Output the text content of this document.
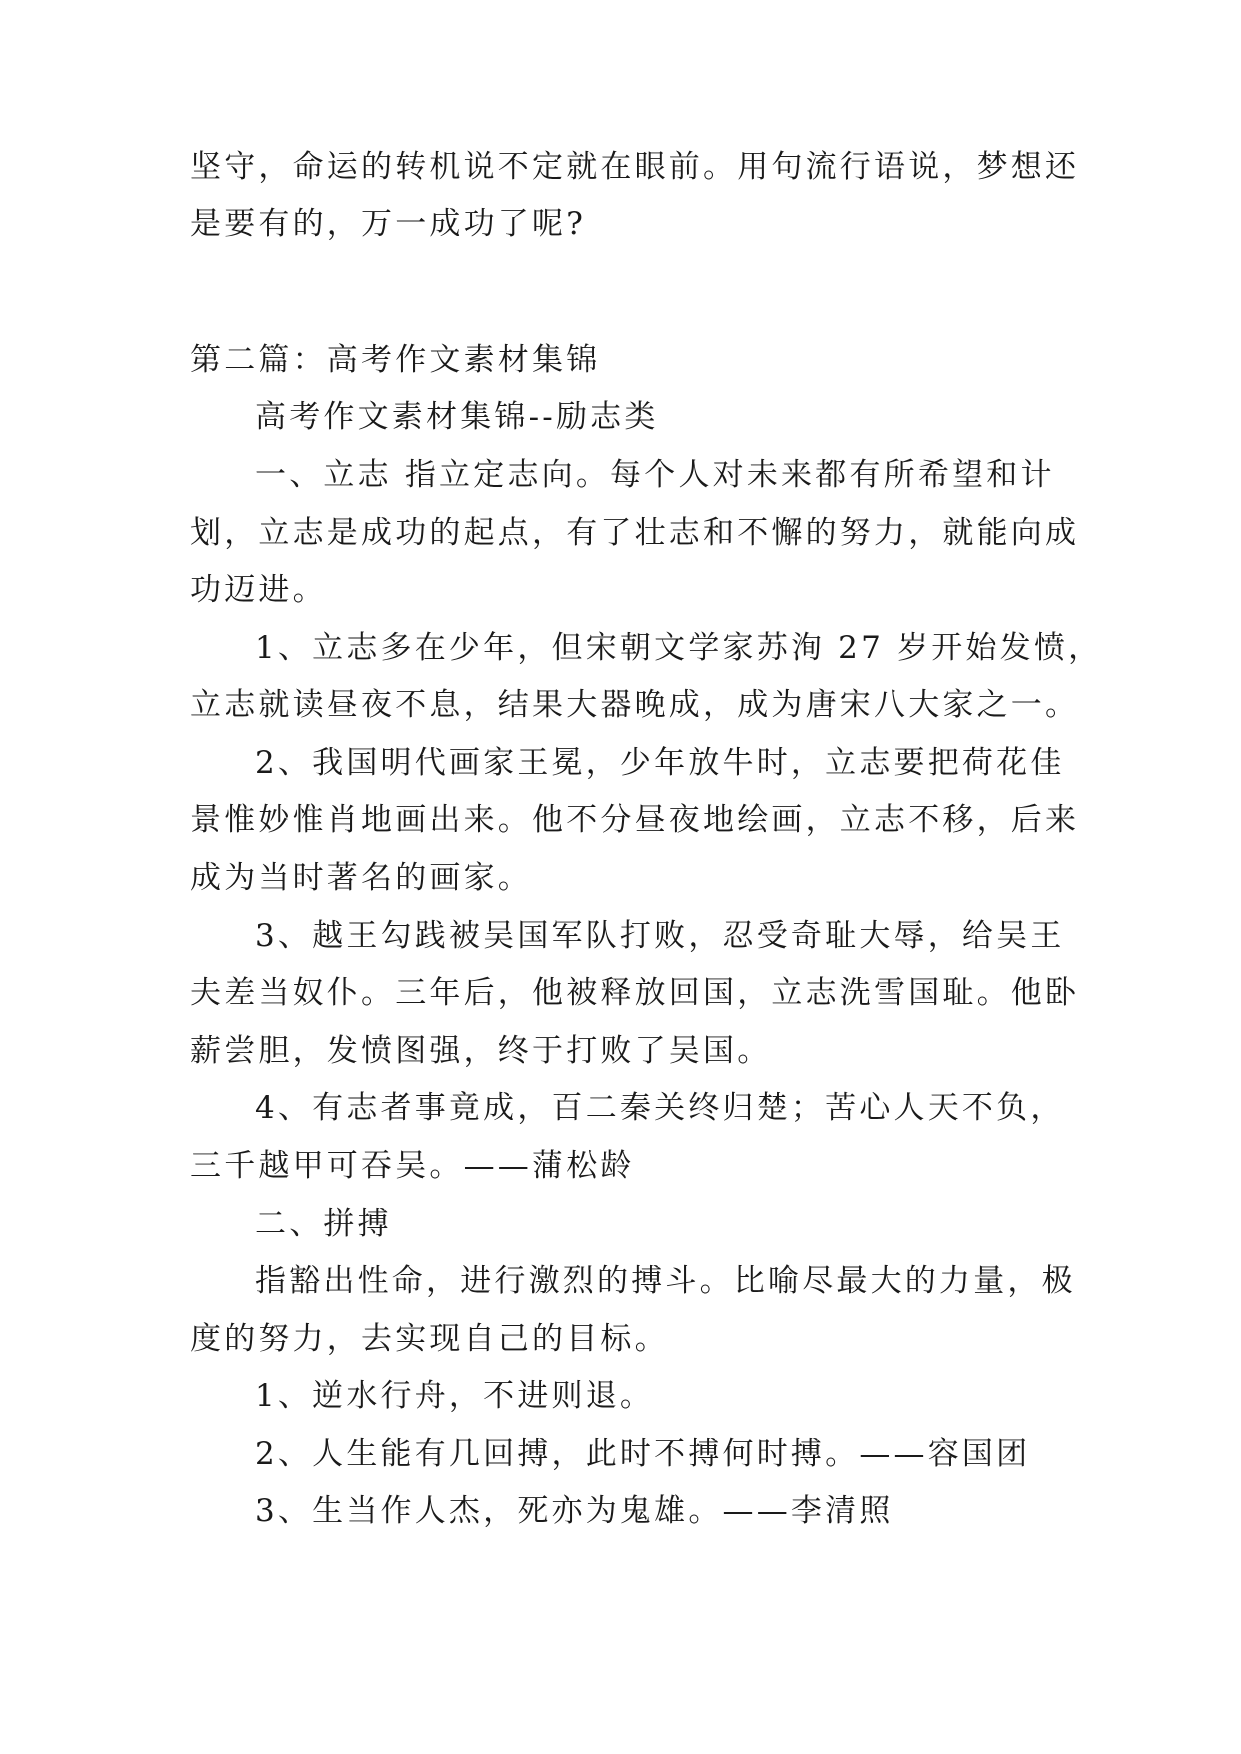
坚守，命运的转机说不定就在眼前。用句流行语说，梦想还
是要有的，万一成功了呢?
第二篇：高考作文素材集锦
高考作文素材集锦--励志类
一、立志 指立定志向。每个人对未来都有所希望和计
划，立志是成功的起点，有了壮志和不懈的努力，就能向成
功迈进。
1、立志多在少年，但宋朝文学家苏洵 27 岁开始发愤，
立志就读昼夜不息，结果大器晚成，成为唐宋八大家之一。
2、我国明代画家王冕，少年放牛时，立志要把荷花佳
景惟妙惟肖地画出来。他不分昼夜地绘画，立志不移，后来
成为当时著名的画家。
3、越王勾践被吴国军队打败，忍受奇耻大辱，给吴王
夫差当奴仆。三年后，他被释放回国，立志洗雪国耻。他卧
薪尝胆，发愤图强，终于打败了吴国。
4、有志者事竟成，百二秦关终归楚；苦心人天不负，
三千越甲可吞吴。——蒲松龄
二、拼搏
指豁出性命，进行激烈的搏斗。比喻尽最大的力量，极
度的努力，去实现自己的目标。
1、逆水行舟，不进则退。
2、人生能有几回搏，此时不搏何时搏。——容国团
3、生当作人杰，死亦为鬼雄。——李清照
